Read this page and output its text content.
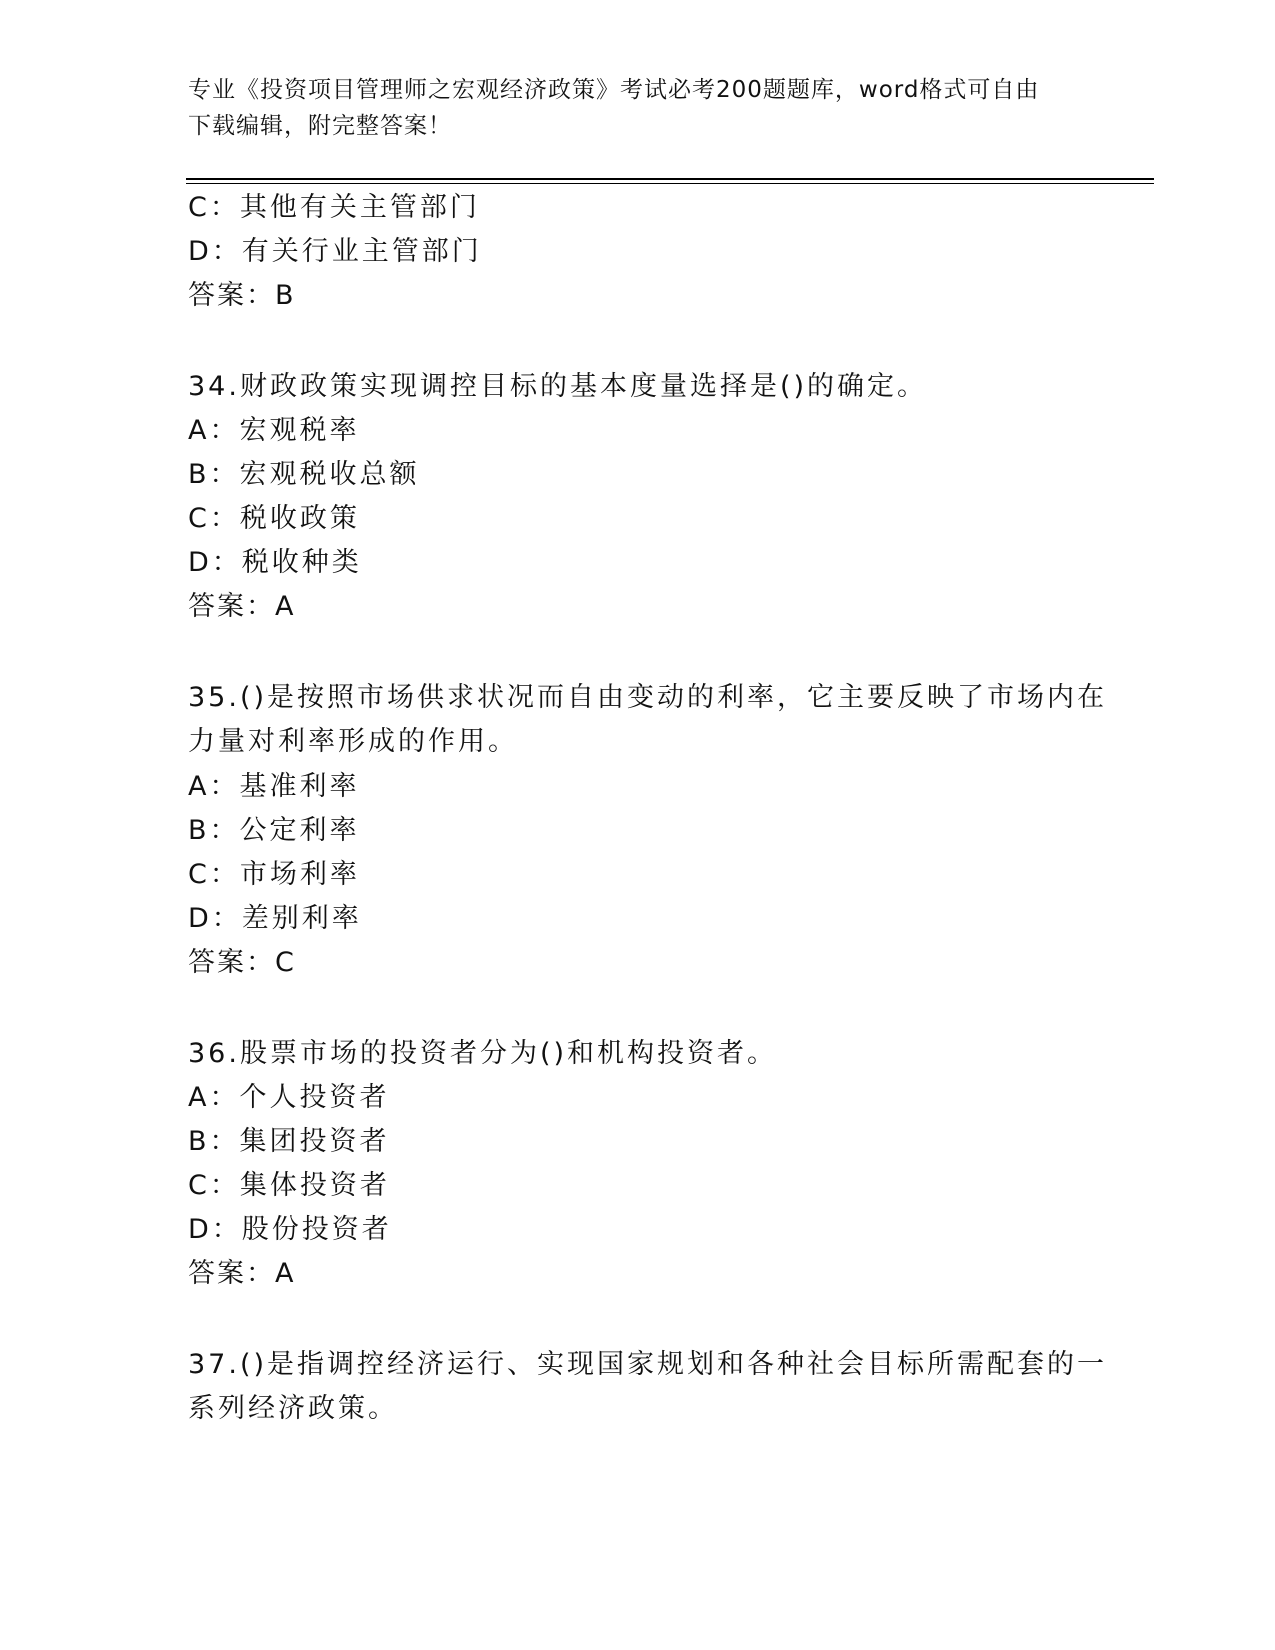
专业《投资项目管理师之宏观经济政策》考试必考200题题库，word格式可自由
下载编辑，附完整答案！
C：其他有关主管部门
D：有关行业主管部门
答案：B
34.财政政策实现调控目标的基本度量选择是()的确定。
A：宏观税率
B：宏观税收总额
C：税收政策
D：税收种类
答案：A
35.()是按照市场供求状况而自由变动的利率，它主要反映了市场内在
力量对利率形成的作用。
A：基准利率
B：公定利率
C：市场利率
D：差别利率
答案：C
36.股票市场的投资者分为()和机构投资者。
A：个人投资者
B：集团投资者
C：集体投资者
D：股份投资者
答案：A
37.()是指调控经济运行、实现国家规划和各种社会目标所需配套的一
系列经济政策。
